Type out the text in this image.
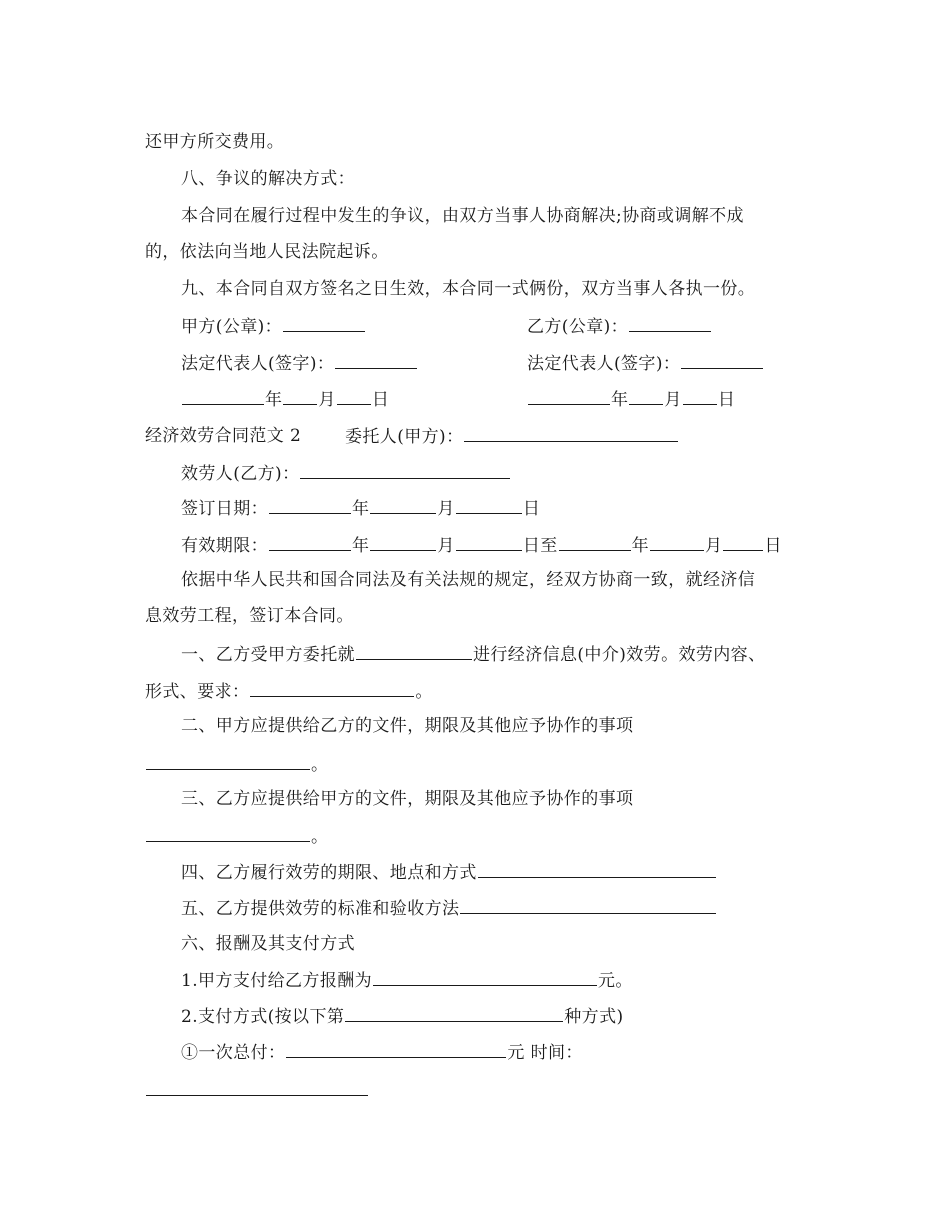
还甲方所交费用。
八、争议的解决方式：
本合同在履行过程中发生的争议，由双方当事人协商解决;协商或调解不成
的，依法向当地人民法院起诉。
九、本合同自双方签名之日生效，本合同一式俩份，双方当事人各执一份。
甲方(公章)：	乙方(公章)：
法定代表人(签字)：	法定代表人(签字)：
年 月 日	年 月 日
经济效劳合同范文 2	委托人(甲方)：
效劳人(乙方)：
签订日期：	年	月	日
有效期限：	年	月	日至	年	月 日
依据中华人民共和国合同法及有关法规的规定，经双方协商一致，就经济信
息效劳工程，签订本合同。
一、乙方受甲方委托就	进行经济信息(中介)效劳。效劳内容、
形式、要求：	。
二、甲方应提供给乙方的文件，期限及其他应予协作的事项
。
三、乙方应提供给甲方的文件，期限及其他应予协作的事项
。
四、乙方履行效劳的期限、地点和方式
五、乙方提供效劳的标准和验收方法
六、报酬及其支付方式
1.甲方支付给乙方报酬为	元。
2.支付方式(按以下第	种方式)
①一次总付：	元 时间：
